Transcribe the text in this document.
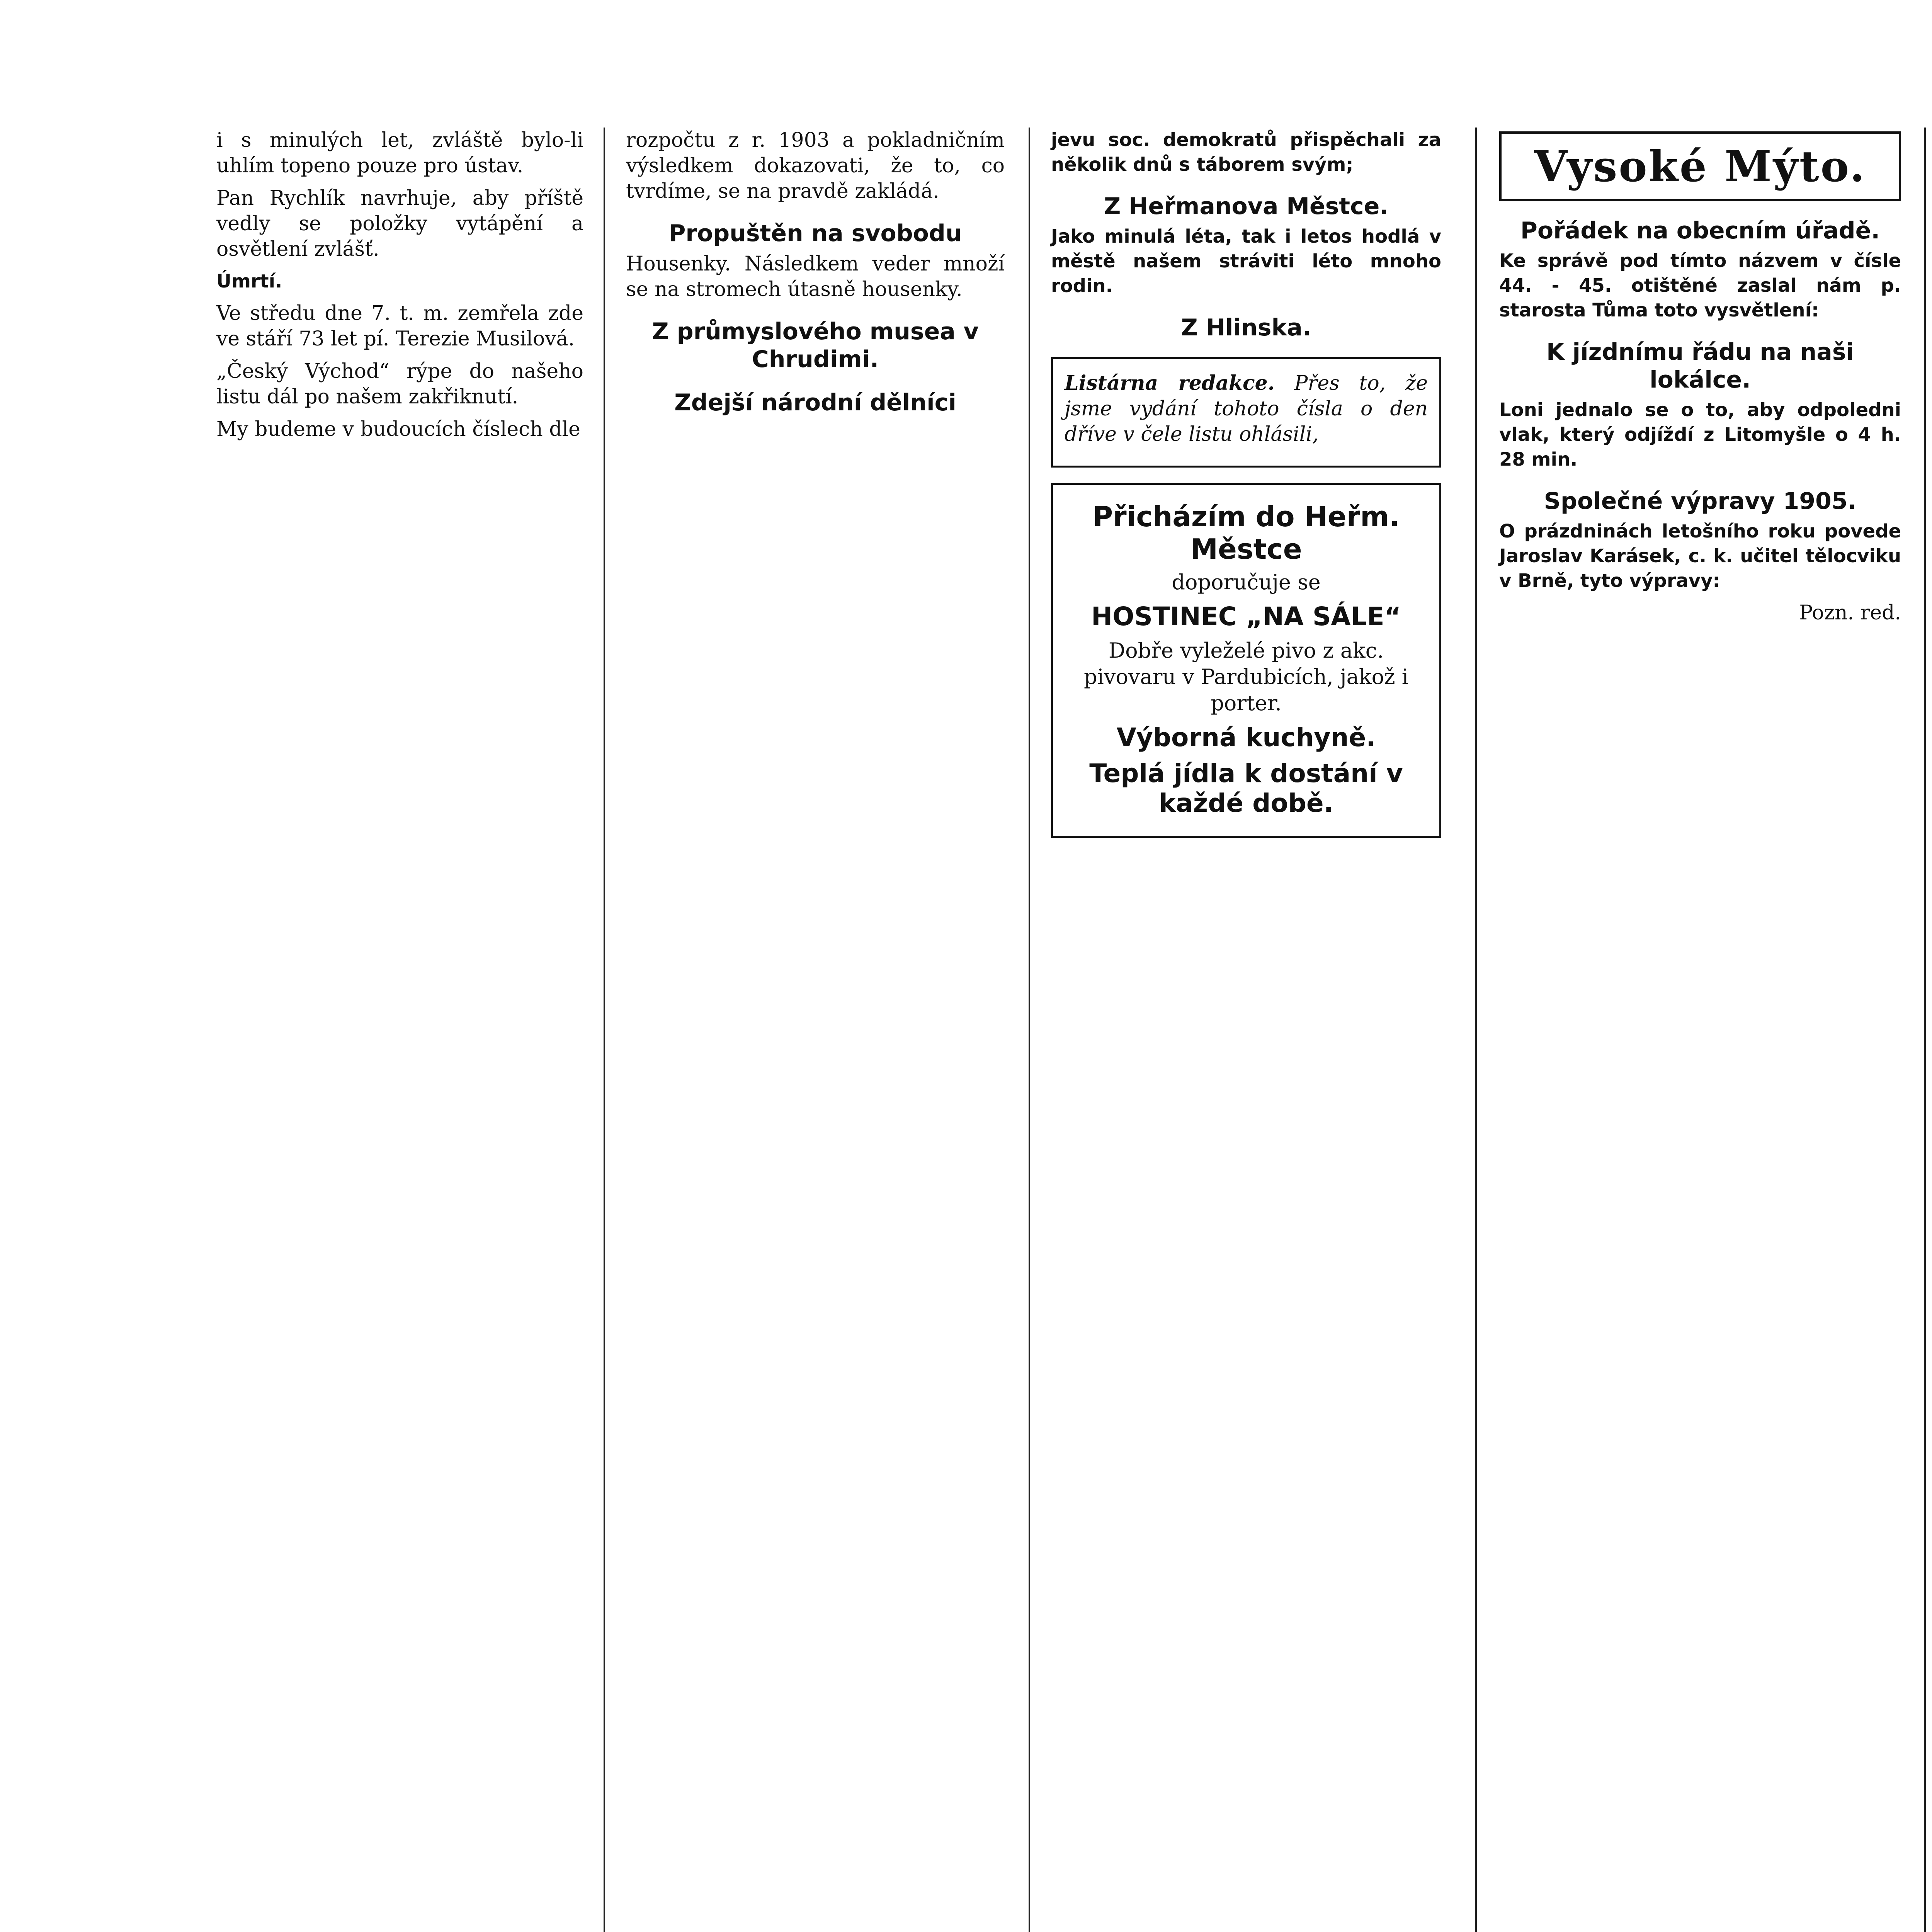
i s minulých let, zvláště bylo-li uhlím topeno pouze pro ústav.

Pan Rychlík navrhuje, aby příště vedly se položky vytápění a osvětlení zvlášť.

Úmrtí.

Ve středu dne 7. t. m. zemřela zde ve stáří 73 let pí. Terezie Musilová.

„Český Východ“ rýpe do našeho listu dál po našem zakřiknutí.

My budeme v budoucích číslech dle

rozpočtu z r. 1903 a pokladničním výsledkem dokazovati, že to, co tvrdíme, se na pravdě zakládá.

Propuštěn na svobodu

Housenky. Následkem veder množí se na stromech útasně housenky.

Z průmyslového musea v Chrudimi.
Zdejší národní dělníci

jevu soc. demokratů přispěchali za několik dnů s táborem svým;

Z Heřmanova Městce.

Jako minulá léta, tak i letos hodlá v městě našem stráviti léto mnoho rodin.

Z Hlinska.

Listárna redakce. Přes to, že jsme vydání tohoto čísla o den dříve v čele listu ohlásili,

Přicházím do Heřm. Městce
doporučuje se
HOSTINEC „NA SÁLE“
Dobře vyleželé pivo z akc. pivovaru v Pardubicích, jakož i porter.
Výborná kuchyně.
Teplá jídla k dostání v každé době.
Vysoké Mýto.
Pořádek na obecním úřadě.

Ke správě pod tímto názvem v čísle 44. - 45. otištěné zaslal nám p. starosta Tůma toto vysvětlení:

K jízdnímu řádu na naši lokálce.

Loni jednalo se o to, aby odpoledni vlak, který odjíždí z Litomyšle o 4 h. 28 min.

Společné výpravy 1905.

O prázdninách letošního roku povede Jaroslav Karásek, c. k. učitel tělocviku v Brně, tyto výpravy:

Pozn. red.
